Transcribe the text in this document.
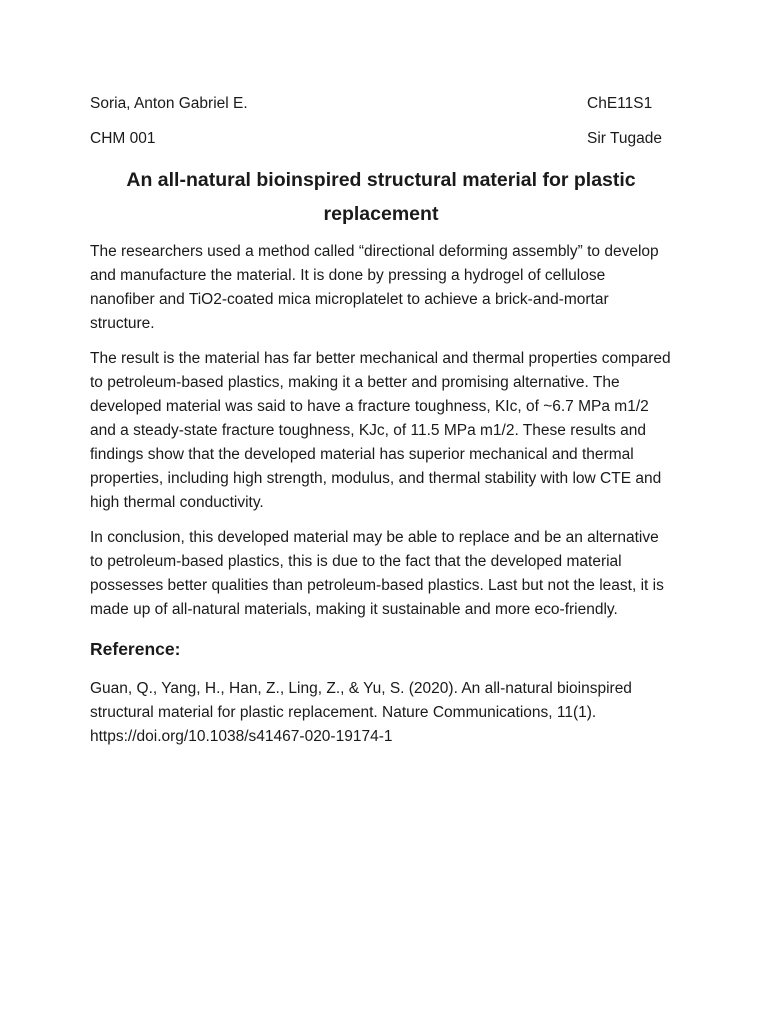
Soria, Anton Gabriel E.	ChE11S1
CHM 001	Sir Tugade
An all-natural bioinspired structural material for plastic replacement

The researchers used a method called “directional deforming assembly” to develop and manufacture the material. It is done by pressing a hydrogel of cellulose nanofiber and TiO2-coated mica microplatelet to achieve a brick-and-mortar structure.

The result is the material has far better mechanical and thermal properties compared to petroleum-based plastics, making it a better and promising alternative. The developed material was said to have a fracture toughness, KIc, of ~6.7 MPa m1/2 and a steady-state fracture toughness, KJc, of 11.5 MPa m1/2. These results and findings show that the developed material has superior mechanical and thermal properties, including high strength, modulus, and thermal stability with low CTE and high thermal conductivity.

In conclusion, this developed material may be able to replace and be an alternative to petroleum-based plastics, this is due to the fact that the developed material possesses better qualities than petroleum-based plastics. Last but not the least, it is made up of all-natural materials, making it sustainable and more eco-friendly.

Reference:

Guan, Q., Yang, H., Han, Z., Ling, Z., & Yu, S. (2020). An all-natural bioinspired structural material for plastic replacement. Nature Communications, 11(1). https://doi.org/10.1038/s41467-020-19174-1
